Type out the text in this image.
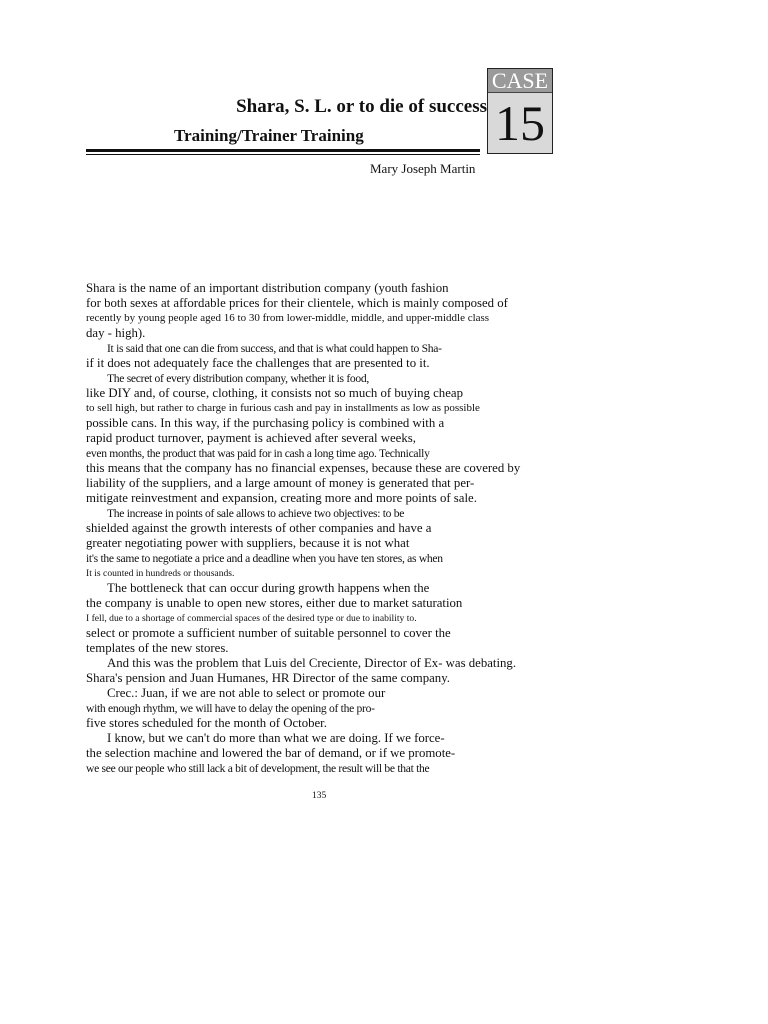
CASE
15
Shara, S. L. or to die of success
Training/Trainer Training
Mary Joseph Martin
Shara is the name of an important distribution company (youth fashion
for both sexes at affordable prices for their clientele, which is mainly composed of
recently by young people aged 16 to 30 from lower-middle, middle, and upper-middle class
day - high).
It is said that one can die from success, and that is what could happen to Sha-
if it does not adequately face the challenges that are presented to it.
The secret of every distribution company, whether it is food,
like DIY and, of course, clothing, it consists not so much of buying cheap
to sell high, but rather to charge in furious cash and pay in installments as low as possible
possible cans. In this way, if the purchasing policy is combined with a
rapid product turnover, payment is achieved after several weeks,
even months, the product that was paid for in cash a long time ago. Technically
this means that the company has no financial expenses, because these are covered by
liability of the suppliers, and a large amount of money is generated that per-
mitigate reinvestment and expansion, creating more and more points of sale.
The increase in points of sale allows to achieve two objectives: to be
shielded against the growth interests of other companies and have a
greater negotiating power with suppliers, because it is not what
it's the same to negotiate a price and a deadline when you have ten stores, as when
It is counted in hundreds or thousands.
The bottleneck that can occur during growth happens when the
the company is unable to open new stores, either due to market saturation
I fell, due to a shortage of commercial spaces of the desired type or due to inability to.
select or promote a sufficient number of suitable personnel to cover the
templates of the new stores.
And this was the problem that Luis del Creciente, Director of Ex- was debating.
Shara's pension and Juan Humanes, HR Director of the same company.
Crec.: Juan, if we are not able to select or promote our
with enough rhythm, we will have to delay the opening of the pro-
five stores scheduled for the month of October.
I know, but we can't do more than what we are doing. If we force-
the selection machine and lowered the bar of demand, or if we promote-
we see our people who still lack a bit of development, the result will be that the
135
